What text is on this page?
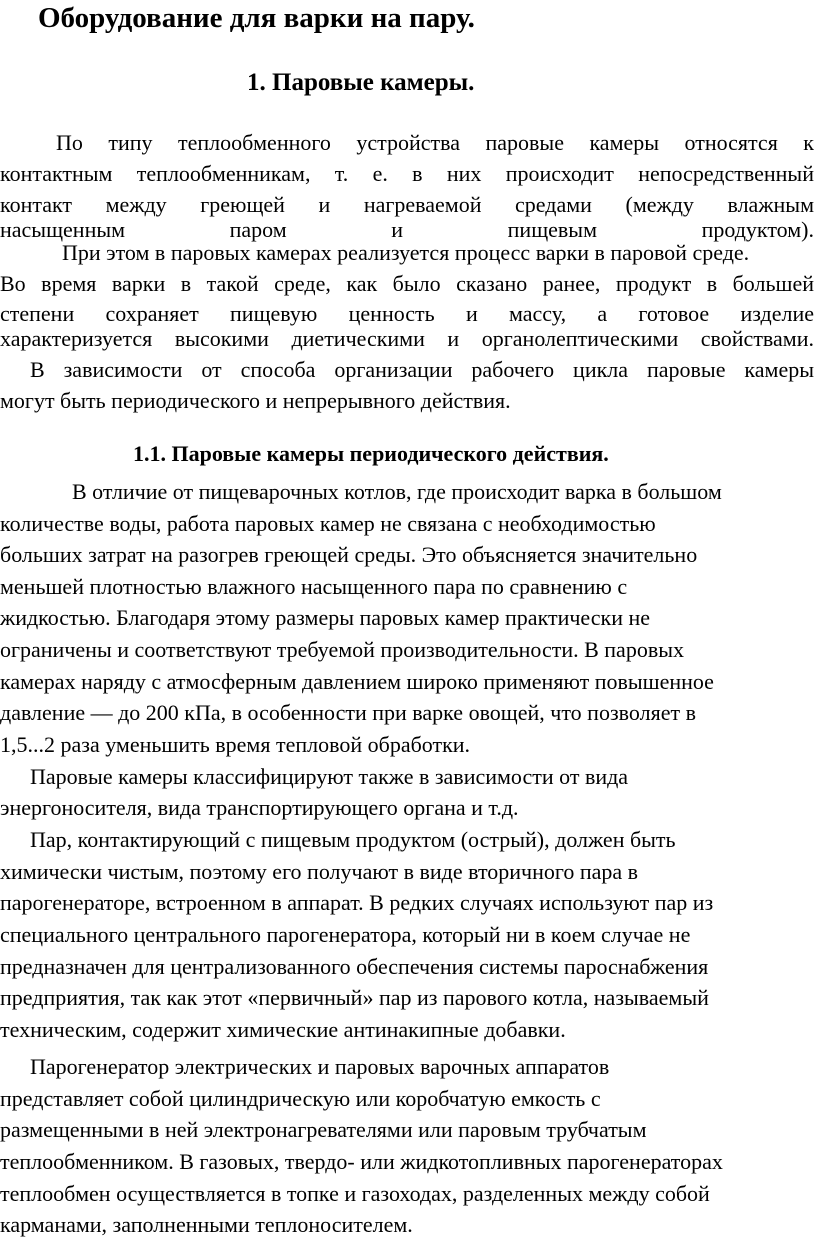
Оборудование для варки на пару.
1. Паровые камеры.

По типу теплообменного устройства паровые камеры относятся к

контактным теплообменникам, т. е. в них происходит непосредственный

контакт между греющей и нагреваемой средами (между влажным

насыщенным паром и пищевым продуктом).

При этом в паровых камерах реализуется процесс варки в паровой среде.

Во время варки в такой среде, как было сказано ранее, продукт в большей

степени сохраняет пищевую ценность и массу, а готовое изделие

характеризуется высокими диетическими и органолептическими свойствами.

В зависимости от способа организации рабочего цикла паровые камеры

могут быть периодического и непрерывного действия.

1.1. Паровые камеры периодического действия.

В отличие от пищеварочных котлов, где происходит варка в большом

количестве воды, работа паровых камер не связана с необходимостью

больших затрат на разогрев греющей среды. Это объясняется значительно

меньшей плотностью влажного насыщенного пара по сравнению с

жидкостью. Благодаря этому размеры паровых камер практически не

ограничены и соответствуют требуемой производительности. В паровых

камерах наряду с атмосферным давлением широко применяют повышенное

давление — до 200 кПа, в особенности при варке овощей, что позволяет в

1,5...2 раза уменьшить время тепловой обработки.

Паровые камеры классифицируют также в зависимости от вида

энергоносителя, вида транспортирующего органа и т.д.

Пар, контактирующий с пищевым продуктом (острый), должен быть

химически чистым, поэтому его получают в виде вторичного пара в

парогенераторе, встроенном в аппарат. В редких случаях используют пар из

специального центрального парогенератора, который ни в коем случае не

предназначен для централизованного обеспечения системы пароснабжения

предприятия, так как этот «первичный» пар из парового котла, называемый

техническим, содержит химические антинакипные добавки.

Парогенератор электрических и паровых варочных аппаратов

представляет собой цилиндрическую или коробчатую емкость с

размещенными в ней электронагревателями или паровым трубчатым

теплообменником. В газовых, твердо- или жидкотопливных парогенераторах

теплообмен осуществляется в топке и газоходах, разделенных между собой

карманами, заполненными теплоносителем.
